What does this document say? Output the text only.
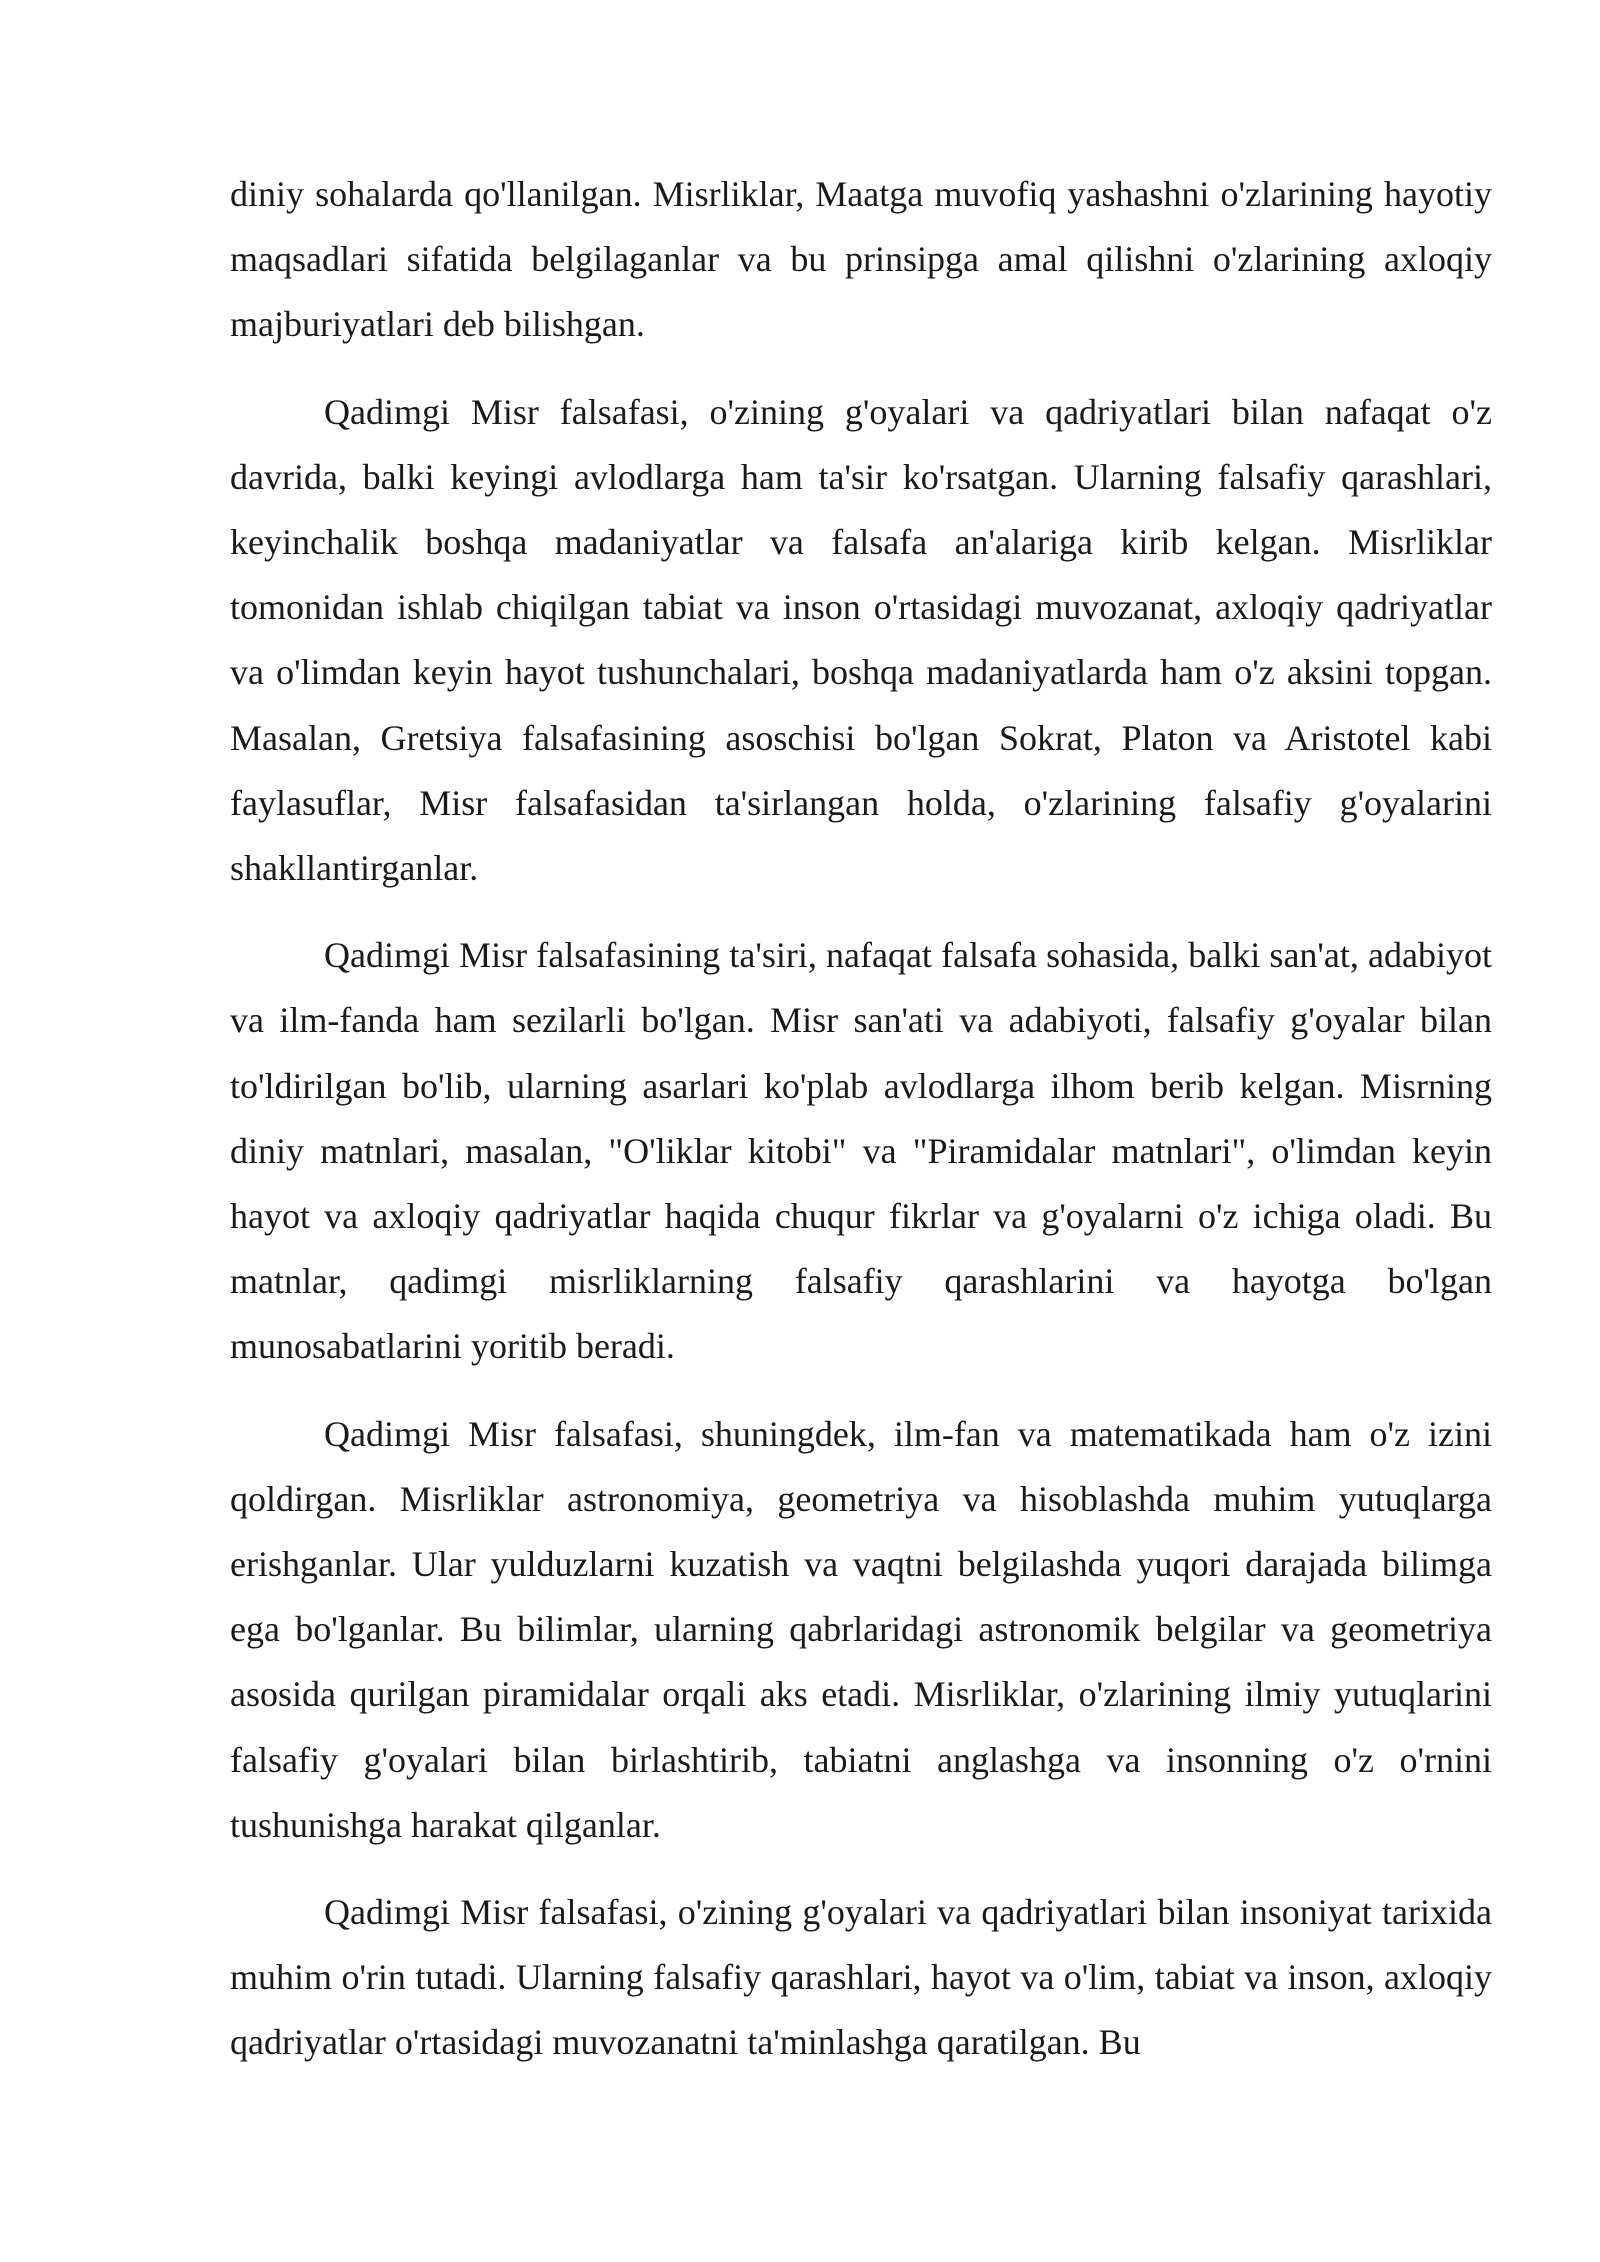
diniy sohalarda qo'llanilgan. Misrliklar, Maatga muvofiq yashashni o'zlarining hayotiy maqsadlari sifatida belgilaganlar va bu prinsipga amal qilishni o'zlarining axloqiy majburiyatlari deb bilishgan.

Qadimgi Misr falsafasi, o'zining g'oyalari va qadriyatlari bilan nafaqat o'z davrida, balki keyingi avlodlarga ham ta'sir ko'rsatgan. Ularning falsafiy qarashlari, keyinchalik boshqa madaniyatlar va falsafa an'alariga kirib kelgan. Misrliklar tomonidan ishlab chiqilgan tabiat va inson o'rtasidagi muvozanat, axloqiy qadriyatlar va o'limdan keyin hayot tushunchalari, boshqa madaniyatlarda ham o'z aksini topgan. Masalan, Gretsiya falsafasining asoschisi bo'lgan Sokrat, Platon va Aristotel kabi faylasuflar, Misr falsafasidan ta'sirlangan holda, o'zlarining falsafiy g'oyalarini shakllantirganlar.

Qadimgi Misr falsafasining ta'siri, nafaqat falsafa sohasida, balki san'at, adabiyot va ilm-fanda ham sezilarli bo'lgan. Misr san'ati va adabiyoti, falsafiy g'oyalar bilan to'ldirilgan bo'lib, ularning asarlari ko'plab avlodlarga ilhom berib kelgan. Misrning diniy matnlari, masalan, "O'liklar kitobi" va "Piramidalar matnlari", o'limdan keyin hayot va axloqiy qadriyatlar haqida chuqur fikrlar va g'oyalarni o'z ichiga oladi. Bu matnlar, qadimgi misrliklarning falsafiy qarashlarini va hayotga bo'lgan munosabatlarini yoritib beradi.

Qadimgi Misr falsafasi, shuningdek, ilm-fan va matematikada ham o'z izini qoldirgan. Misrliklar astronomiya, geometriya va hisoblashda muhim yutuqlarga erishganlar. Ular yulduzlarni kuzatish va vaqtni belgilashda yuqori darajada bilimga ega bo'lganlar. Bu bilimlar, ularning qabrlaridagi astronomik belgilar va geometriya asosida qurilgan piramidalar orqali aks etadi. Misrliklar, o'zlarining ilmiy yutuqlarini falsafiy g'oyalari bilan birlashtirib, tabiatni anglashga va insonning o'z o'rnini tushunishga harakat qilganlar.

Qadimgi Misr falsafasi, o'zining g'oyalari va qadriyatlari bilan insoniyat tarixida muhim o'rin tutadi. Ularning falsafiy qarashlari, hayot va o'lim, tabiat va inson, axloqiy qadriyatlar o'rtasidagi muvozanatni ta'minlashga qaratilgan. Bu
